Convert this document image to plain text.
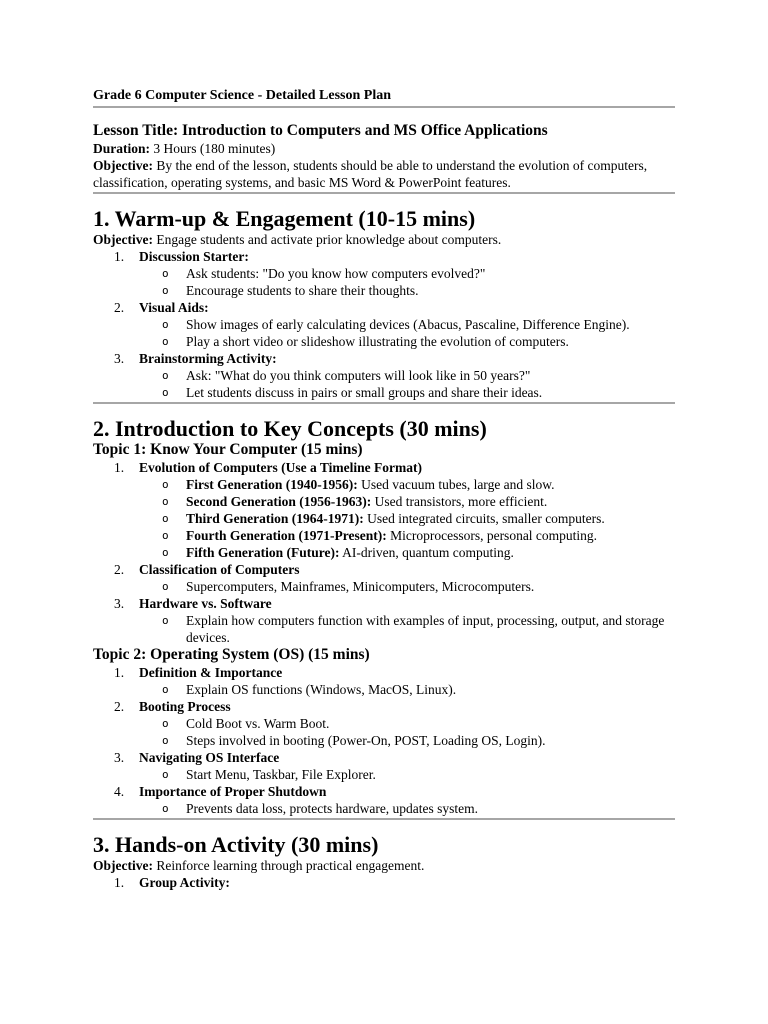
Grade 6 Computer Science - Detailed Lesson Plan
Lesson Title: Introduction to Computers and MS Office Applications

Duration: 3 Hours (180 minutes)

Objective: By the end of the lesson, students should be able to understand the evolution of computers, classification, operating systems, and basic MS Word & PowerPoint features.

1. Warm-up & Engagement (10-15 mins)

Objective: Engage students and activate prior knowledge about computers.

1. Discussion Starter:
o Ask students: "Do you know how computers evolved?"
o Encourage students to share their thoughts.
2. Visual Aids:
o Show images of early calculating devices (Abacus, Pascaline, Difference Engine).
o Play a short video or slideshow illustrating the evolution of computers.
3. Brainstorming Activity:
o Ask: "What do you think computers will look like in 50 years?"
o Let students discuss in pairs or small groups and share their ideas.
2. Introduction to Key Concepts (30 mins)
Topic 1: Know Your Computer (15 mins)
1. Evolution of Computers (Use a Timeline Format)
o First Generation (1940-1956): Used vacuum tubes, large and slow.
o Second Generation (1956-1963): Used transistors, more efficient.
o Third Generation (1964-1971): Used integrated circuits, smaller computers.
o Fourth Generation (1971-Present): Microprocessors, personal computing.
o Fifth Generation (Future): AI-driven, quantum computing.
2. Classification of Computers
o Supercomputers, Mainframes, Minicomputers, Microcomputers.
3. Hardware vs. Software
o Explain how computers function with examples of input, processing, output, and storage devices.
Topic 2: Operating System (OS) (15 mins)
1. Definition & Importance
o Explain OS functions (Windows, MacOS, Linux).
2. Booting Process
o Cold Boot vs. Warm Boot.
o Steps involved in booting (Power-On, POST, Loading OS, Login).
3. Navigating OS Interface
o Start Menu, Taskbar, File Explorer.
4. Importance of Proper Shutdown
o Prevents data loss, protects hardware, updates system.
3. Hands-on Activity (30 mins)

Objective: Reinforce learning through practical engagement.

1. Group Activity:
